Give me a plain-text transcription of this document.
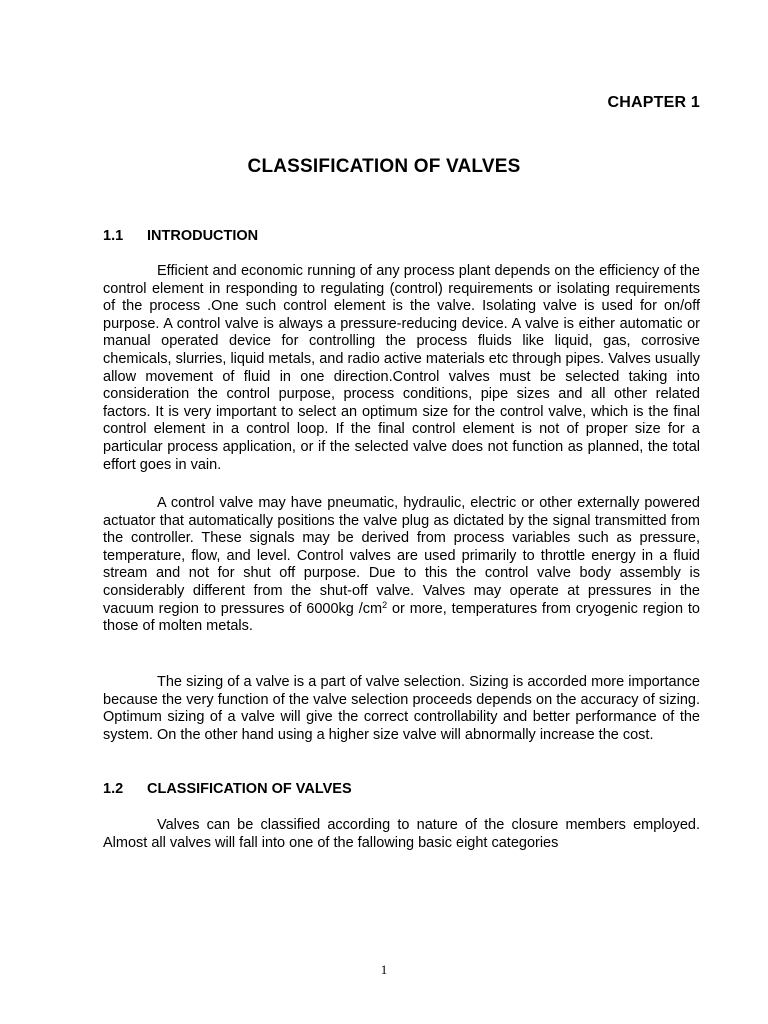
CHAPTER 1
CLASSIFICATION OF VALVES
1.1	INTRODUCTION

Efficient and economic running of any process plant depends on the efficiency of the control element in responding to regulating (control) requirements or isolating requirements of the process .One such control element is the valve. Isolating valve is used for on/off purpose. A control valve is always a pressure-reducing device. A valve is either automatic or manual operated device for controlling the process fluids like liquid, gas, corrosive chemicals, slurries, liquid metals, and radio active materials etc through pipes. Valves usually allow movement of fluid in one direction.Control valves must be selected taking into consideration the control purpose, process conditions, pipe sizes and all other related factors. It is very important to select an optimum size for the control valve, which is the final control element in a control loop. If the final control element is not of proper size for a particular process application, or if the selected valve does not function as planned, the total effort goes in vain.

A control valve may have pneumatic, hydraulic, electric or other externally powered actuator that automatically positions the valve plug as dictated by the signal transmitted from the controller. These signals may be derived from process variables such as pressure, temperature, flow, and level. Control valves are used primarily to throttle energy in a fluid stream and not for shut off purpose. Due to this the control valve body assembly is considerably different from the shut-off valve. Valves may operate at pressures in the vacuum region to pressures of 6000kg $/cm^2$ or more, temperatures from cryogenic region to those of molten metals.

The sizing of a valve is a part of valve selection. Sizing is accorded more importance because the very function of the valve selection proceeds depends on the accuracy of sizing. Optimum sizing of a valve will give the correct controllability and better performance of the system. On the other hand using a higher size valve will abnormally increase the cost.

1.2	CLASSIFICATION OF VALVES

Valves can be classified according to nature of the closure members employed. Almost all valves will fall into one of the fallowing basic eight categories

1
